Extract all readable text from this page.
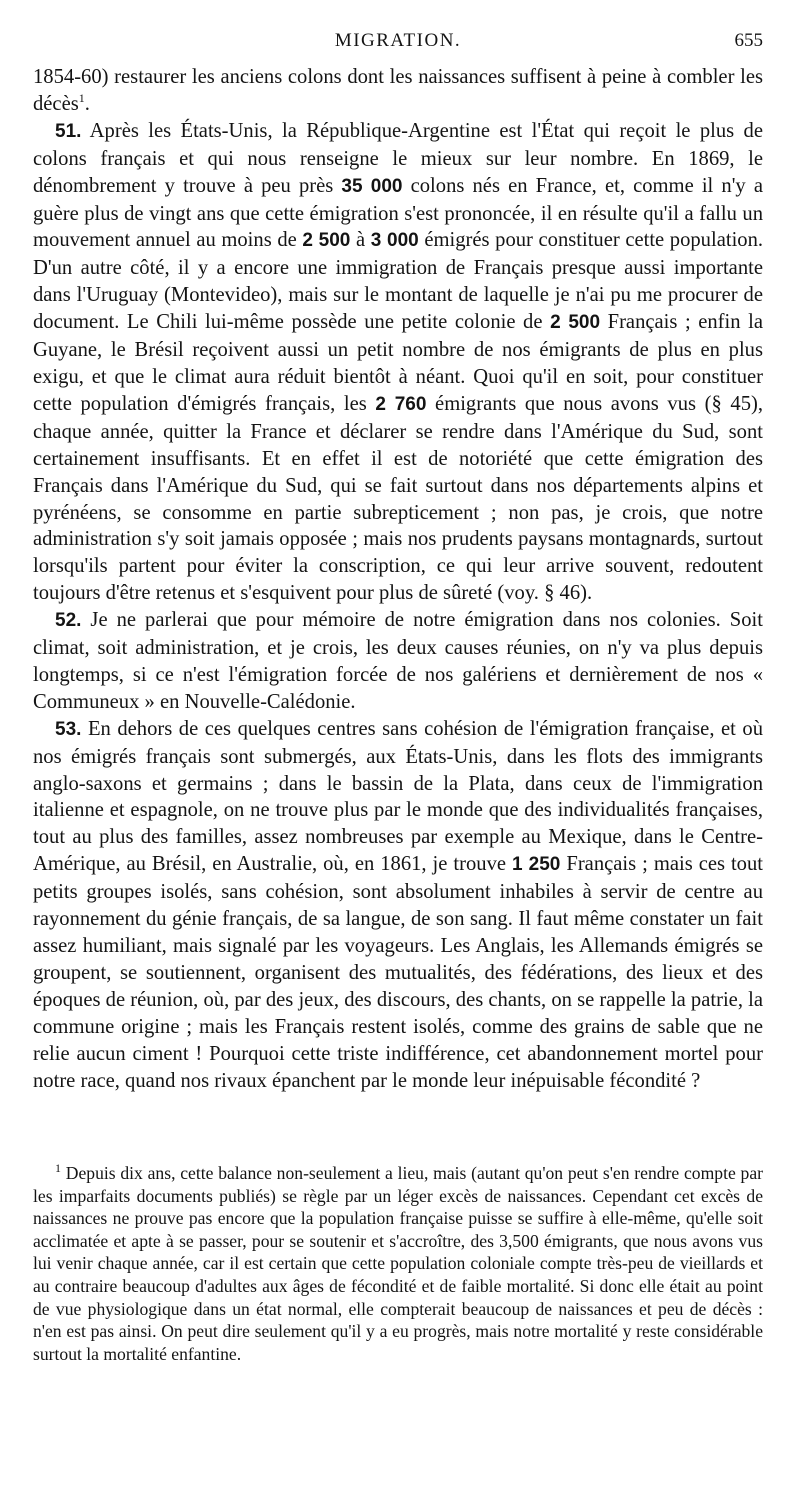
MIGRATION.	655

1854-60) restaurer les anciens colons dont les naissances suffisent à peine à combler les décès$^1$.

51. Après les États-Unis, la République-Argentine est l'État qui reçoit le plus de colons français et qui nous renseigne le mieux sur leur nombre. En 1869, le dénombrement y trouve à peu près 35 000 colons nés en France, et, comme il n'y a guère plus de vingt ans que cette émigration s'est prononcée, il en résulte qu'il a fallu un mouvement annuel au moins de 2 500 à 3 000 émigrés pour constituer cette population. D'un autre côté, il y a encore une immigration de Français presque aussi importante dans l'Uruguay (Montevideo), mais sur le montant de laquelle je n'ai pu me procurer de document. Le Chili lui-même possède une petite colonie de 2 500 Français ; enfin la Guyane, le Brésil reçoivent aussi un petit nombre de nos émigrants de plus en plus exigu, et que le climat aura réduit bientôt à néant. Quoi qu'il en soit, pour constituer cette population d'émigrés français, les 2 760 émigrants que nous avons vus (§ 45), chaque année, quitter la France et déclarer se rendre dans l'Amérique du Sud, sont certainement insuffisants. Et en effet il est de notoriété que cette émigration des Français dans l'Amérique du Sud, qui se fait surtout dans nos départements alpins et pyrénéens, se consomme en partie subrepticement ; non pas, je crois, que notre administration s'y soit jamais opposée ; mais nos prudents paysans montagnards, surtout lorsqu'ils partent pour éviter la conscription, ce qui leur arrive souvent, redoutent toujours d'être retenus et s'esquivent pour plus de sûreté (voy. § 46).

52. Je ne parlerai que pour mémoire de notre émigration dans nos colonies. Soit climat, soit administration, et je crois, les deux causes réunies, on n'y va plus depuis longtemps, si ce n'est l'émigration forcée de nos galériens et dernièrement de nos « Communeux » en Nouvelle-Calédonie.

53. En dehors de ces quelques centres sans cohésion de l'émigration française, et où nos émigrés français sont submergés, aux États-Unis, dans les flots des immigrants anglo-saxons et germains ; dans le bassin de la Plata, dans ceux de l'immigration italienne et espagnole, on ne trouve plus par le monde que des individualités françaises, tout au plus des familles, assez nombreuses par exemple au Mexique, dans le Centre-Amérique, au Brésil, en Australie, où, en 1861, je trouve 1 250 Français ; mais ces tout petits groupes isolés, sans cohésion, sont absolument inhabiles à servir de centre au rayonnement du génie français, de sa langue, de son sang. Il faut même constater un fait assez humiliant, mais signalé par les voyageurs. Les Anglais, les Allemands émigrés se groupent, se soutiennent, organisent des mutualités, des fédérations, des lieux et des époques de réunion, où, par des jeux, des discours, des chants, on se rappelle la patrie, la commune origine ; mais les Français restent isolés, comme des grains de sable que ne relie aucun ciment ! Pourquoi cette triste indifférence, cet abandonnement mortel pour notre race, quand nos rivaux épanchent par le monde leur inépuisable fécondité ?

$^1$ Depuis dix ans, cette balance non-seulement a lieu, mais (autant qu'on peut s'en rendre compte par les imparfaits documents publiés) se règle par un léger excès de naissances. Cependant cet excès de naissances ne prouve pas encore que la population française puisse se suffire à elle-même, qu'elle soit acclimatée et apte à se passer, pour se soutenir et s'accroître, des 3,500 émigrants, que nous avons vus lui venir chaque année, car il est certain que cette population coloniale compte très-peu de vieillards et au contraire beaucoup d'adultes aux âges de fécondité et de faible mortalité. Si donc elle était au point de vue physiologique dans un état normal, elle compterait beaucoup de naissances et peu de décès : n'en est pas ainsi. On peut dire seulement qu'il y a eu progrès, mais notre mortalité y reste considérable surtout la mortalité enfantine.
